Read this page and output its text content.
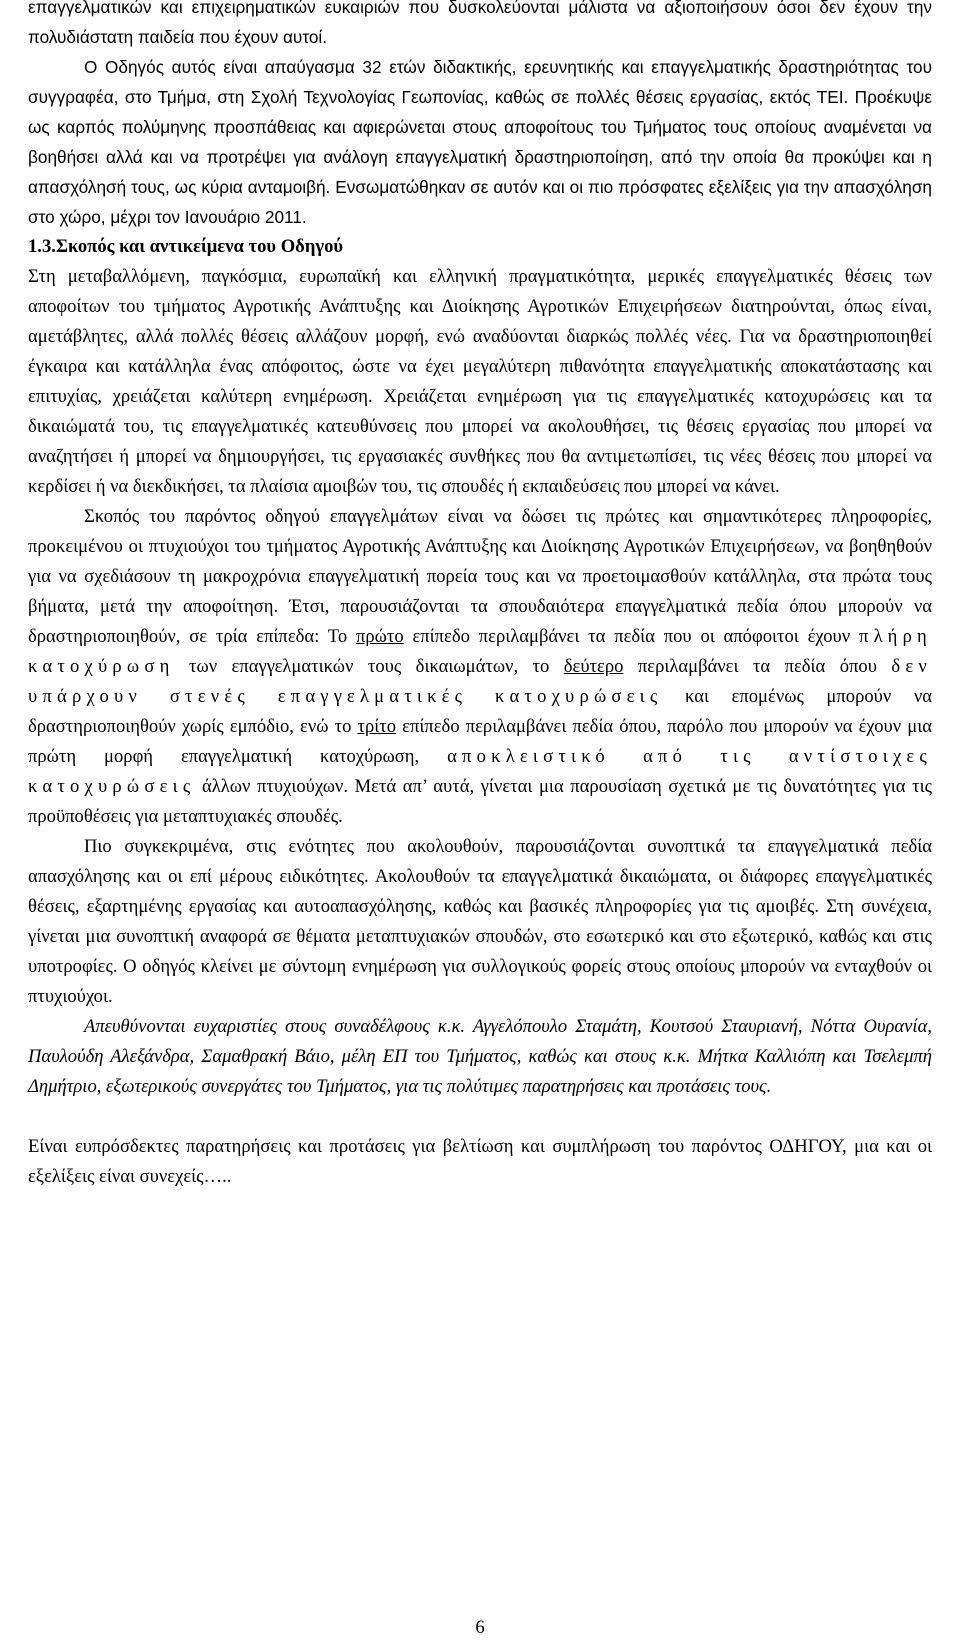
επαγγελματικών και επιχειρηματικών ευκαιριών που δυσκολεύονται μάλιστα να αξιοποιήσουν όσοι δεν έχουν την πολυδιάστατη παιδεία που έχουν αυτοί.

Ο Οδηγός αυτός είναι απαύγασμα 32 ετών διδακτικής, ερευνητικής και επαγγελματικής δραστηριότητας του συγγραφέα, στο Τμήμα, στη Σχολή Τεχνολογίας Γεωπονίας, καθώς σε πολλές θέσεις εργασίας, εκτός ΤΕΙ. Προέκυψε ως καρπός πολύμηνης προσπάθειας και αφιερώνεται στους αποφοίτους του Τμήματος τους οποίους αναμένεται να βοηθήσει αλλά και να προτρέψει για ανάλογη επαγγελματική δραστηριοποίηση, από την οποία θα προκύψει και η απασχόλησή τους, ως κύρια ανταμοιβή. Ενσωματώθηκαν σε αυτόν και οι πιο πρόσφατες εξελίξεις για την απασχόληση στο χώρο, μέχρι τον Ιανουάριο 2011.

1.3.Σκοπός και αντικείμενα του Οδηγού

Στη μεταβαλλόμενη, παγκόσμια, ευρωπαϊκή και ελληνική πραγματικότητα, μερικές επαγγελματικές θέσεις των αποφοίτων του τμήματος Αγροτικής Ανάπτυξης και Διοίκησης Αγροτικών Επιχειρήσεων διατηρούνται, όπως είναι, αμετάβλητες, αλλά πολλές θέσεις αλλάζουν μορφή, ενώ αναδύονται διαρκώς πολλές νέες. Για να δραστηριοποιηθεί έγκαιρα και κατάλληλα ένας απόφοιτος, ώστε να έχει μεγαλύτερη πιθανότητα επαγγελματικής αποκατάστασης και επιτυχίας, χρειάζεται καλύτερη ενημέρωση. Χρειάζεται ενημέρωση για τις επαγγελματικές κατοχυρώσεις και τα δικαιώματά του, τις επαγγελματικές κατευθύνσεις που μπορεί να ακολουθήσει, τις θέσεις εργασίας που μπορεί να αναζητήσει ή μπορεί να δημιουργήσει, τις εργασιακές συνθήκες που θα αντιμετωπίσει, τις νέες θέσεις που μπορεί να κερδίσει ή να διεκδικήσει, τα πλαίσια αμοιβών του, τις σπουδές ή εκπαιδεύσεις που μπορεί να κάνει.

Σκοπός του παρόντος οδηγού επαγγελμάτων είναι να δώσει τις πρώτες και σημαντικότερες πληροφορίες, προκειμένου οι πτυχιούχοι του τμήματος Αγροτικής Ανάπτυξης και Διοίκησης Αγροτικών Επιχειρήσεων, να βοηθηθούν για να σχεδιάσουν τη μακροχρόνια επαγγελματική πορεία τους και να προετοιμασθούν κατάλληλα, στα πρώτα τους βήματα, μετά την αποφοίτηση. Έτσι, παρουσιάζονται τα σπουδαιότερα επαγγελματικά πεδία όπου μπορούν να δραστηριοποιηθούν, σε τρία επίπεδα: Το πρώτο επίπεδο περιλαμβάνει τα πεδία που οι απόφοιτοι έχουν πλήρη κατοχύρωση των επαγγελματικών τους δικαιωμάτων, το δεύτερο περιλαμβάνει τα πεδία όπου δεν υπάρχουν στενές επαγγελματικές κατοχυρώσεις και επομένως μπορούν να δραστηριοποιηθούν χωρίς εμπόδιο, ενώ το τρίτο επίπεδο περιλαμβάνει πεδία όπου, παρόλο που μπορούν να έχουν μια πρώτη μορφή επαγγελματική κατοχύρωση, αποκλειστικό από τις αντίστοιχες κατοχυρώσεις άλλων πτυχιούχων. Μετά απ’ αυτά, γίνεται μια παρουσίαση σχετικά με τις δυνατότητες για τις προϋποθέσεις για μεταπτυχιακές σπουδές.

Πιο συγκεκριμένα, στις ενότητες που ακολουθούν, παρουσιάζονται συνοπτικά τα επαγγελματικά πεδία απασχόλησης και οι επί μέρους ειδικότητες. Ακολουθούν τα επαγγελματικά δικαιώματα, οι διάφορες επαγγελματικές θέσεις, εξαρτημένης εργασίας και αυτοαπασχόλησης, καθώς και βασικές πληροφορίες για τις αμοιβές. Στη συνέχεια, γίνεται μια συνοπτική αναφορά σε θέματα μεταπτυχιακών σπουδών, στο εσωτερικό και στο εξωτερικό, καθώς και στις υποτροφίες. Ο οδηγός κλείνει με σύντομη ενημέρωση για συλλογικούς φορείς στους οποίους μπορούν να ενταχθούν οι πτυχιούχοι.

Απευθύνονται ευχαριστίες στους συναδέλφους κ.κ. Αγγελόπουλο Σταμάτη, Κουτσού Σταυριανή, Νόττα Ουρανία, Παυλούδη Αλεξάνδρα, Σαμαθρακή Βάιο, μέλη ΕΠ του Τμήματος, καθώς και στους κ.κ. Μήτκα Καλλιόπη και Τσελεμπή Δημήτριο, εξωτερικούς συνεργάτες του Τμήματος, για τις πολύτιμες παρατηρήσεις και προτάσεις τους.

Είναι ευπρόσδεκτες παρατηρήσεις και προτάσεις για βελτίωση και συμπλήρωση του παρόντος ΟΔΗΓΟΥ, μια και οι εξελίξεις είναι συνεχείς…..

6
